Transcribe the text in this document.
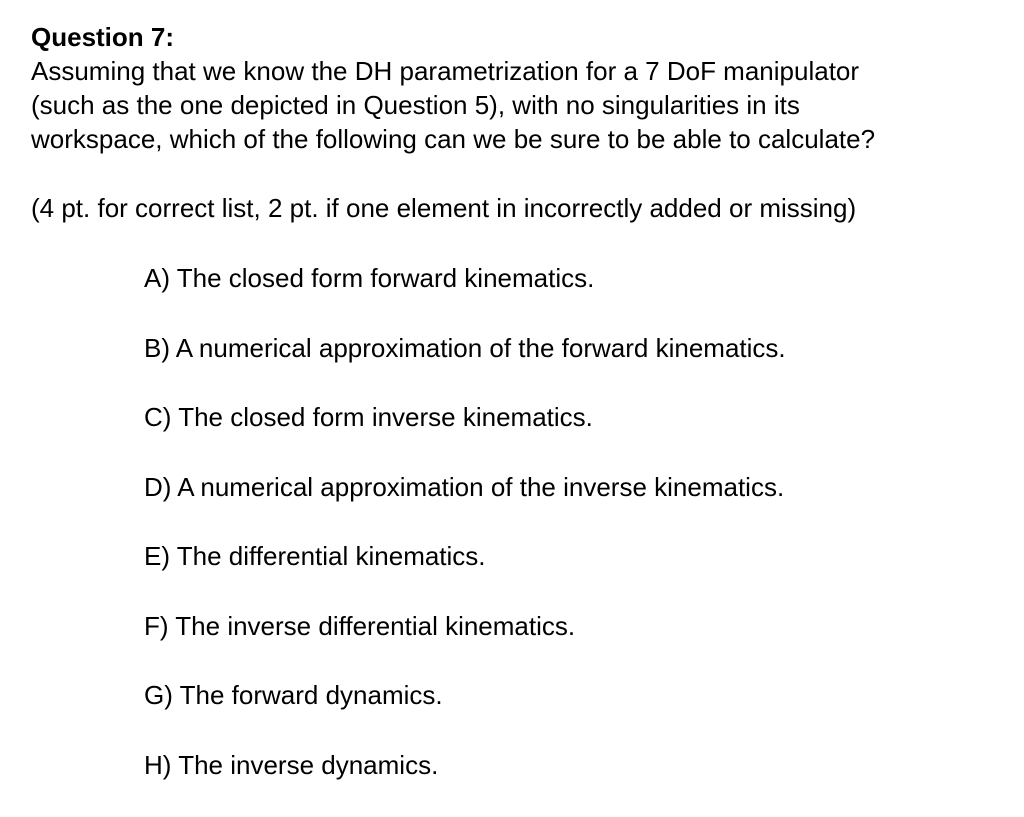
Question 7:

Assuming that we know the DH parametrization for a 7 DoF manipulator

(such as the one depicted in Question 5), with no singularities in its

workspace, which of the following can we be sure to be able to calculate?

(4 pt. for correct list, 2 pt. if one element in incorrectly added or missing)

A) The closed form forward kinematics.
B) A numerical approximation of the forward kinematics.
C) The closed form inverse kinematics.
D) A numerical approximation of the inverse kinematics.
E) The differential kinematics.
F) The inverse differential kinematics.
G) The forward dynamics.
H) The inverse dynamics.
